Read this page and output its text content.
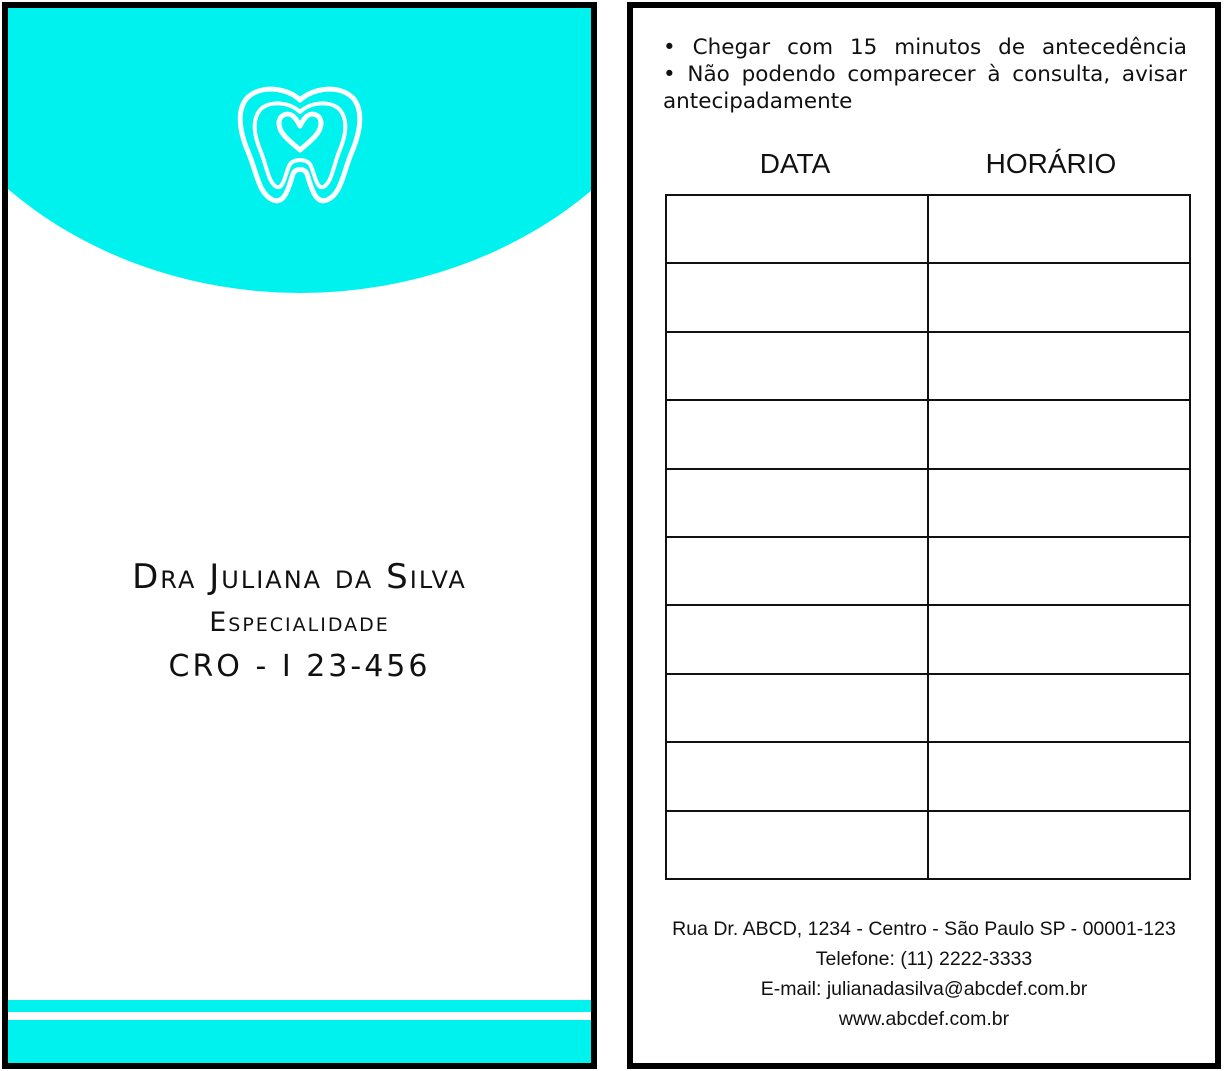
Dra Juliana da Silva

Especialidade

CRO - I 23-456

• Chegar com 15 minutos de antecedência

• Não podendo comparecer à consulta, avisar

antecipadamente

DATA	HORÁRIO

Rua Dr. ABCD, 1234 - Centro - São Paulo SP - 00001-123

Telefone: (11) 2222-3333

E-mail: julianadasilva@abcdef.com.br

www.abcdef.com.br
